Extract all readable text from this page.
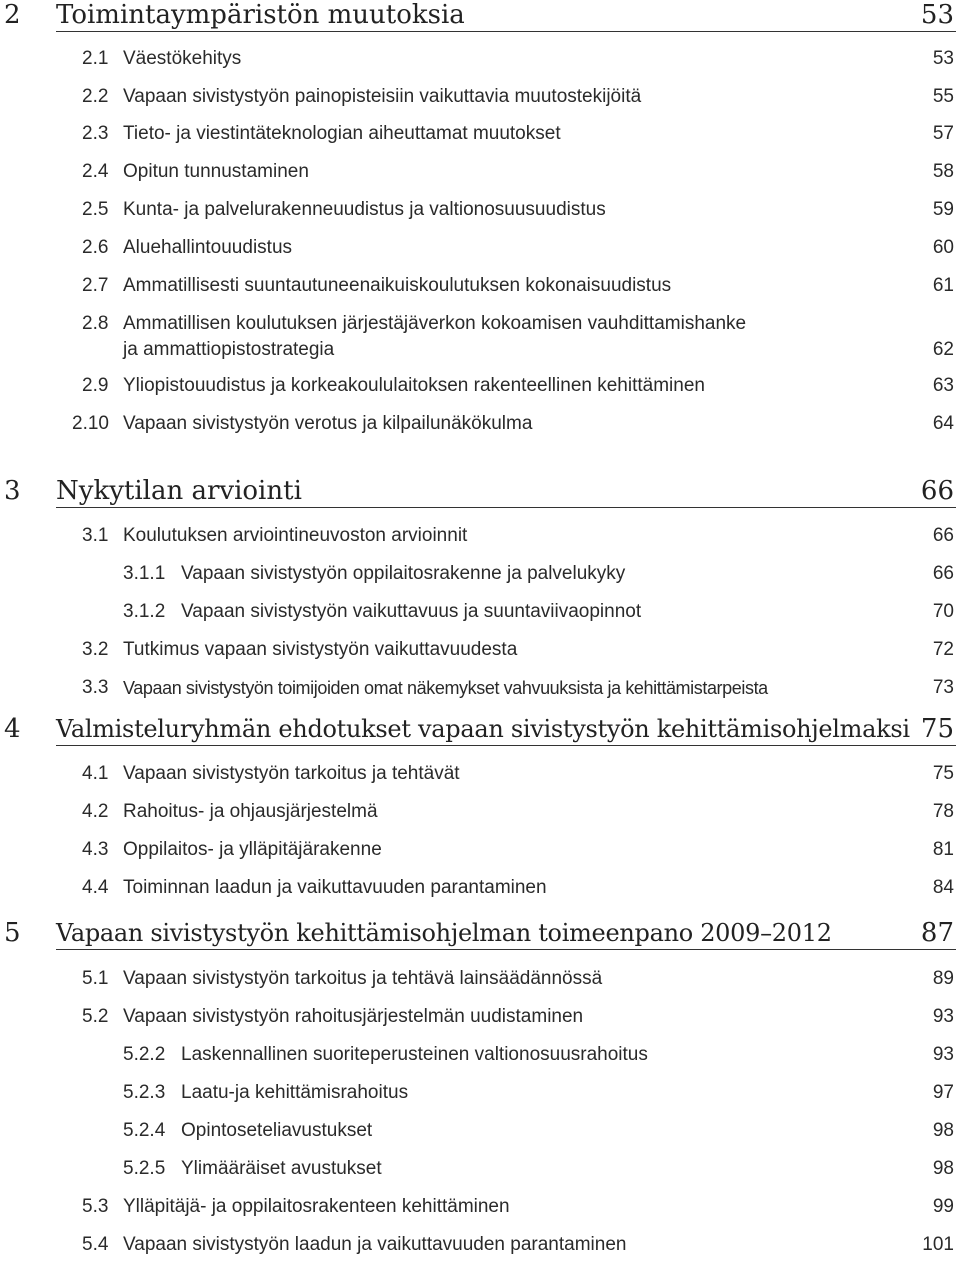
2 Toimintaympäristön muutoksia	53
2.1 Väestökehitys	53
2.2 Vapaan sivistystyön painopisteisiin vaikuttavia muutostekijöitä	55
2.3 Tieto- ja viestintäteknologian aiheuttamat muutokset	57
2.4 Opitun tunnustaminen	58
2.5 Kunta- ja palvelurakenneuudistus ja valtionosuusuudistus	59
2.6 Aluehallintouudistus	60
2.7 Ammatillisesti suuntautuneenaikuiskoulutuksen kokonaisuudistus	61
2.8 Ammatillisen koulutuksen järjestäjäverkon kokoamisen vauhdittamishanke
ja ammattiopistostrategia	62
2.9 Yliopistouudistus ja korkeakoululaitoksen rakenteellinen kehittäminen	63
2.10 Vapaan sivistystyön verotus ja kilpailunäkökulma	64
3 Nykytilan arviointi	66
3.1 Koulutuksen arviointineuvoston arvioinnit	66
3.1.1 Vapaan sivistystyön oppilaitosrakenne ja palvelukyky	66
3.1.2 Vapaan sivistystyön vaikuttavuus ja suuntaviivaopinnot	70
3.2 Tutkimus vapaan sivistystyön vaikuttavuudesta	72
3.3 Vapaan sivistystyön toimijoiden omat näkemykset vahvuuksista ja kehittämistarpeista	73
4 Valmisteluryhmän ehdotukset vapaan sivistystyön kehittämisohjelmaksi 75
4.1 Vapaan sivistystyön tarkoitus ja tehtävät	75
4.2 Rahoitus- ja ohjausjärjestelmä	78
4.3 Oppilaitos- ja ylläpitäjärakenne	81
4.4 Toiminnan laadun ja vaikuttavuuden parantaminen	84
5 Vapaan sivistystyön kehittämisohjelman toimeenpano 2009–2012	87
5.1 Vapaan sivistystyön tarkoitus ja tehtävä lainsäädännössä	89
5.2 Vapaan sivistystyön rahoitusjärjestelmän uudistaminen	93
5.2.2 Laskennallinen suoriteperusteinen valtionosuusrahoitus	93
5.2.3 Laatu-ja kehittämisrahoitus	97
5.2.4 Opintoseteliavustukset	98
5.2.5 Ylimääräiset avustukset	98
5.3 Ylläpitäjä- ja oppilaitosrakenteen kehittäminen	99
5.4 Vapaan sivistystyön laadun ja vaikuttavuuden parantaminen	101
